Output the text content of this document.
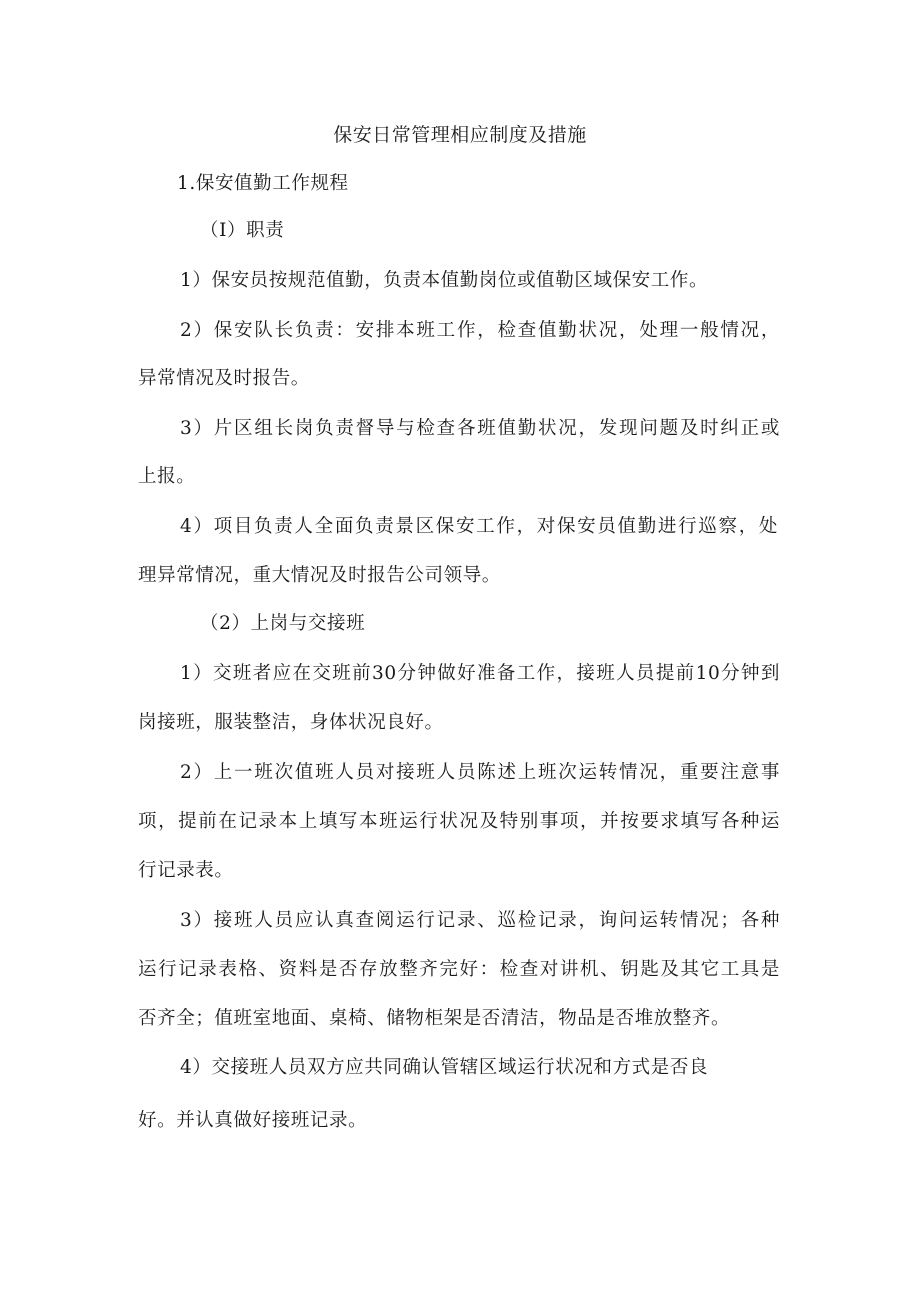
保安日常管理相应制度及措施

1.保安值勤工作规程

（I）职责

1）保安员按规范值勤，负责本值勤岗位或值勒区域保安工作。

2）保安队长负责：安排本班工作，检查值勤状况，处理一般情况，

异常情况及时报告。

3）片区组长岗负责督导与检查各班值勤状况，发现问题及时纠正或

上报。

4）项目负责人全面负责景区保安工作，对保安员值勤进行巡察，处

理异常情况，重大情况及时报告公司领导。

（2）上岗与交接班

1）交班者应在交班前30分钟做好准备工作，接班人员提前10分钟到

岗接班，服装整洁，身体状况良好。

2）上一班次值班人员对接班人员陈述上班次运转情况，重要注意事

项，提前在记录本上填写本班运行状况及特别事项，并按要求填写各种运

行记录表。

3）接班人员应认真查阅运行记录、巡检记录，询问运转情况；各种

运行记录表格、资料是否存放整齐完好：检查对讲机、钥匙及其它工具是

否齐全；值班室地面、桌椅、储物柜架是否清洁，物品是否堆放整齐。

4）交接班人员双方应共同确认管辖区域运行状况和方式是否良

好。并认真做好接班记录。
